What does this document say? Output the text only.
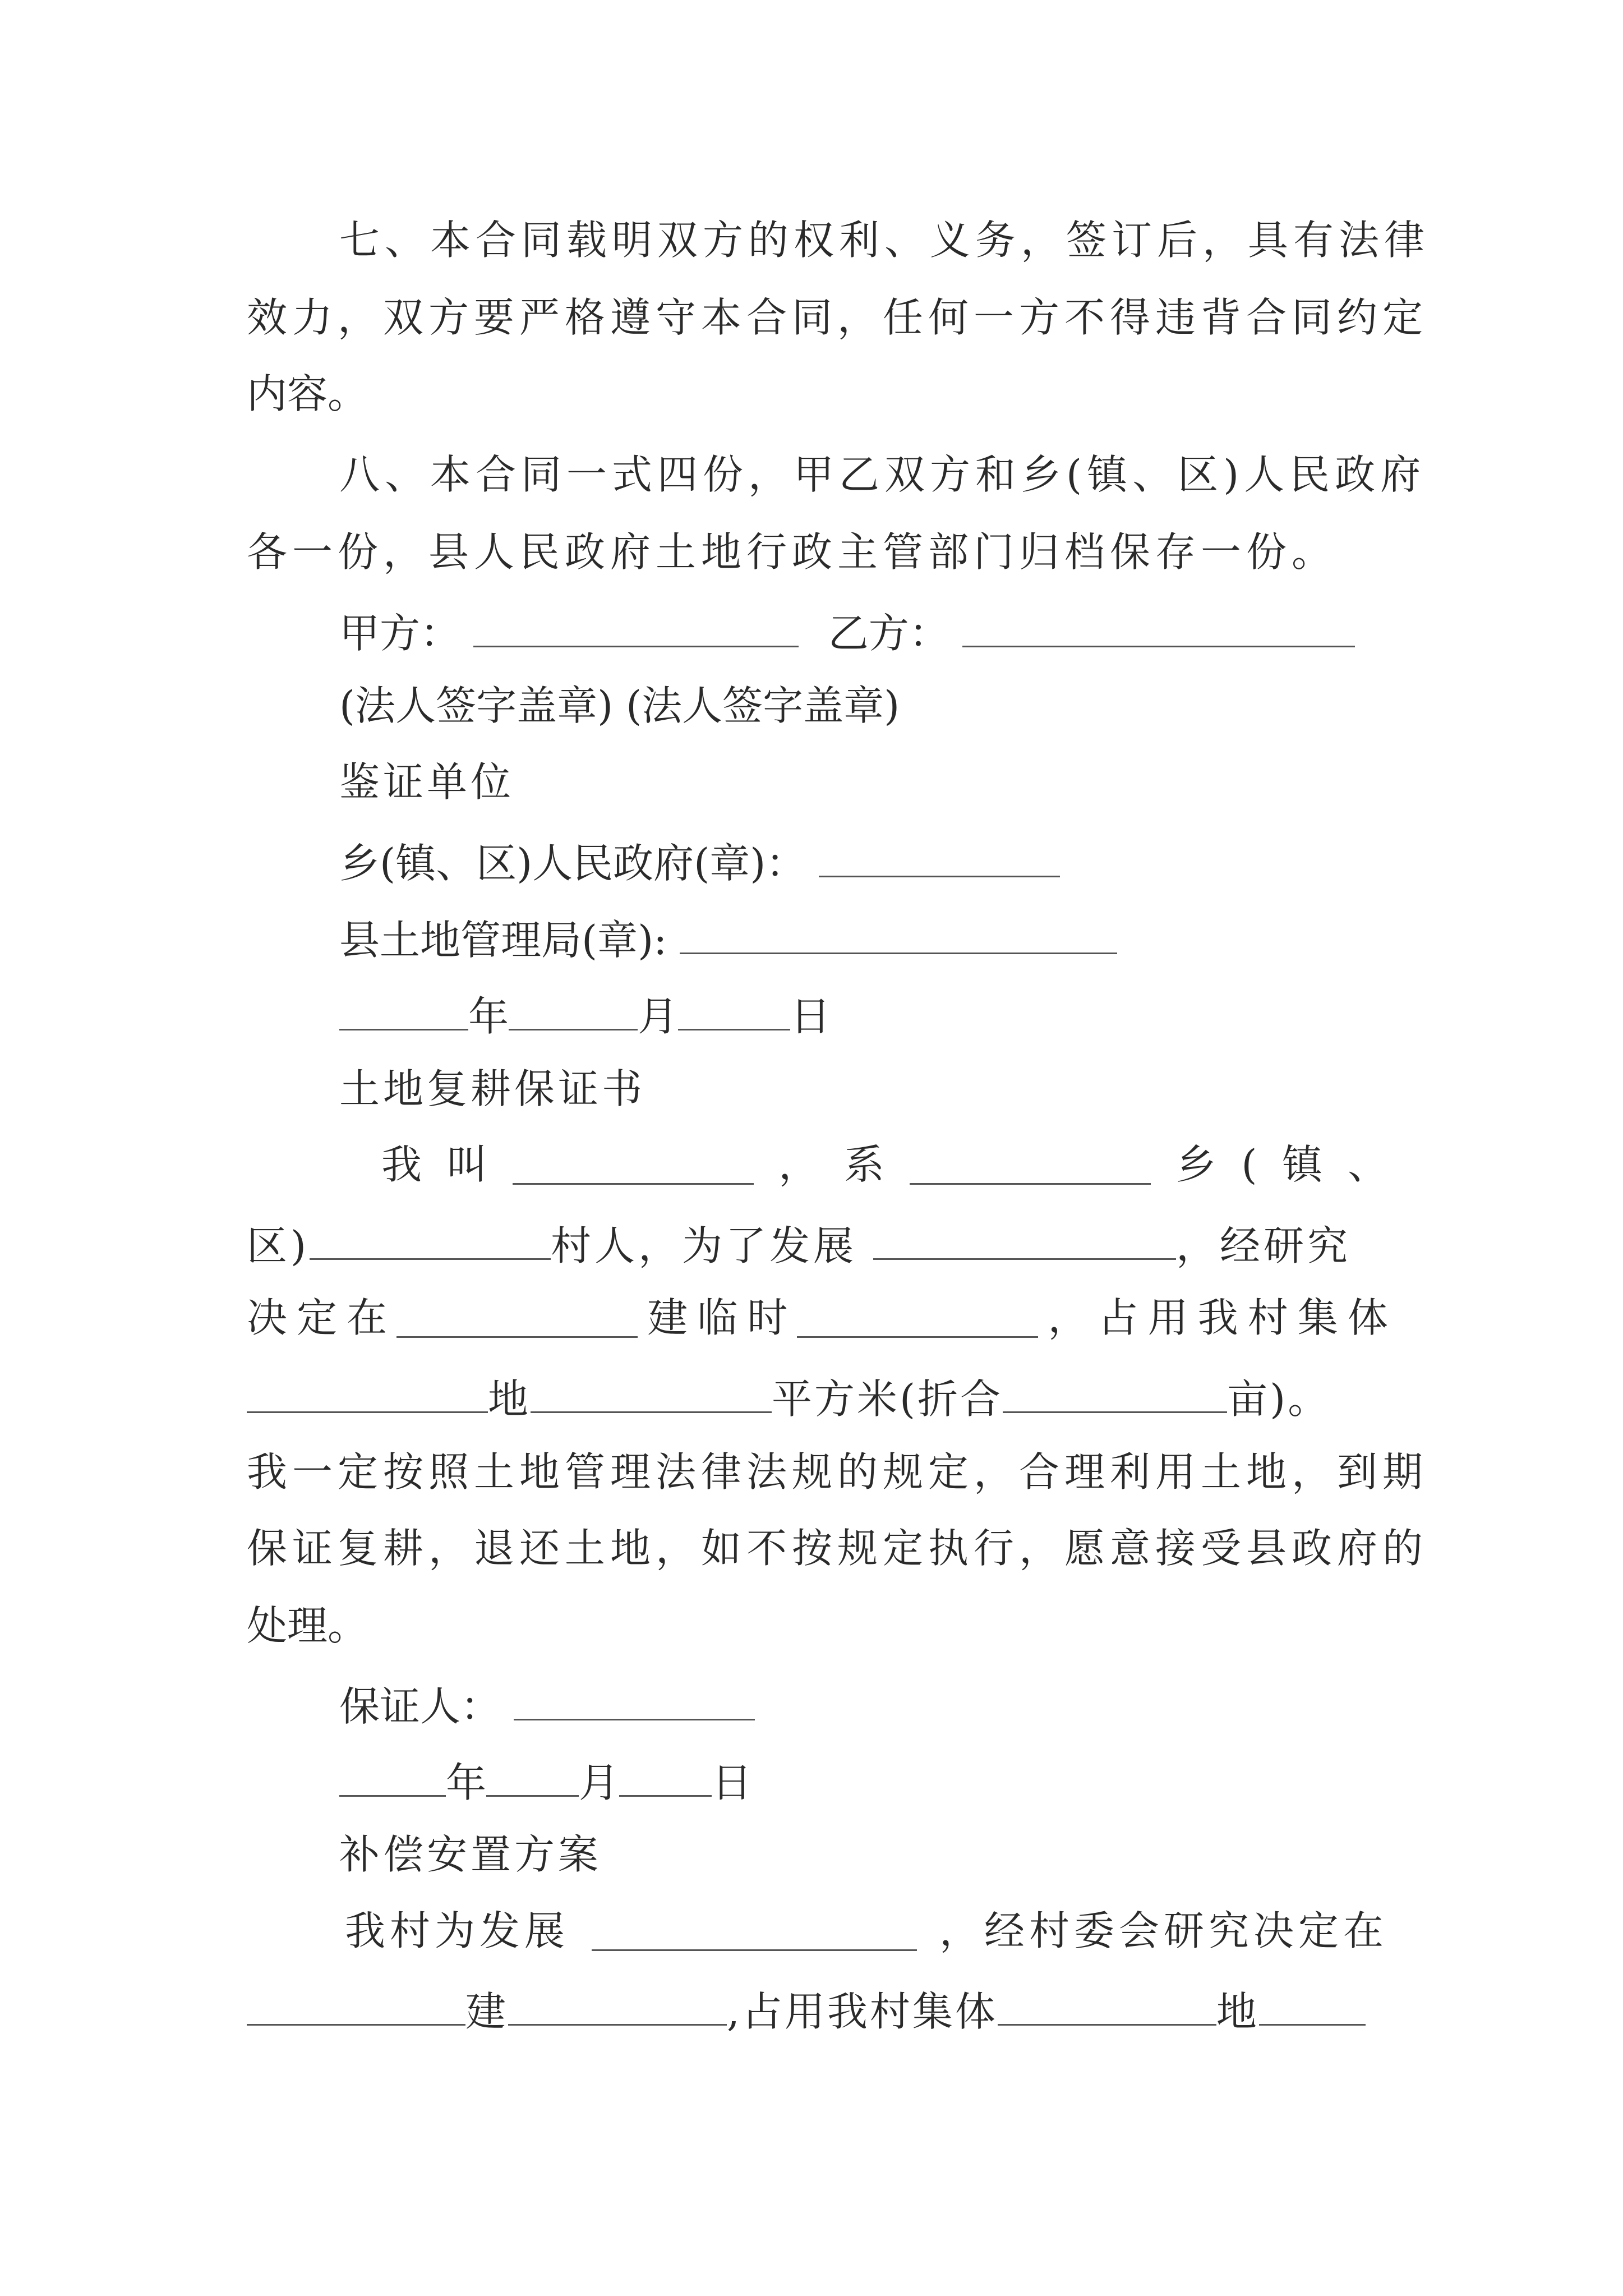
七、本合同载明双方的权利、义务，签订后，具有法律
效力，双方要严格遵守本合同，任何一方不得违背合同约定
内容。
八、本合同一式四份，甲乙双方和乡(镇、区)人民政府
各一份，县人民政府土地行政主管部门归档保存一份。
甲方：	乙方：
(法人签字盖章) (法人签字盖章)
鉴证单位
乡(镇、区)人民政府(章)：
县土地管理局(章):
年	月	日
土地复耕保证书
我 叫	， 系	乡 ( 镇 、
区)	村人，为了发展	，经研究
决 定 在	建 临 时	， 占 用 我 村 集 体
地	平方米(折合	亩)。
我一定按照土地管理法律法规的规定，合理利用土地，到期
保证复耕，退还土地，如不按规定执行，愿意接受县政府的
处理。
保证人：
年 月 日
补偿安置方案
我村为发展	，经村委会研究决定在
建	,占用我村集体	地
